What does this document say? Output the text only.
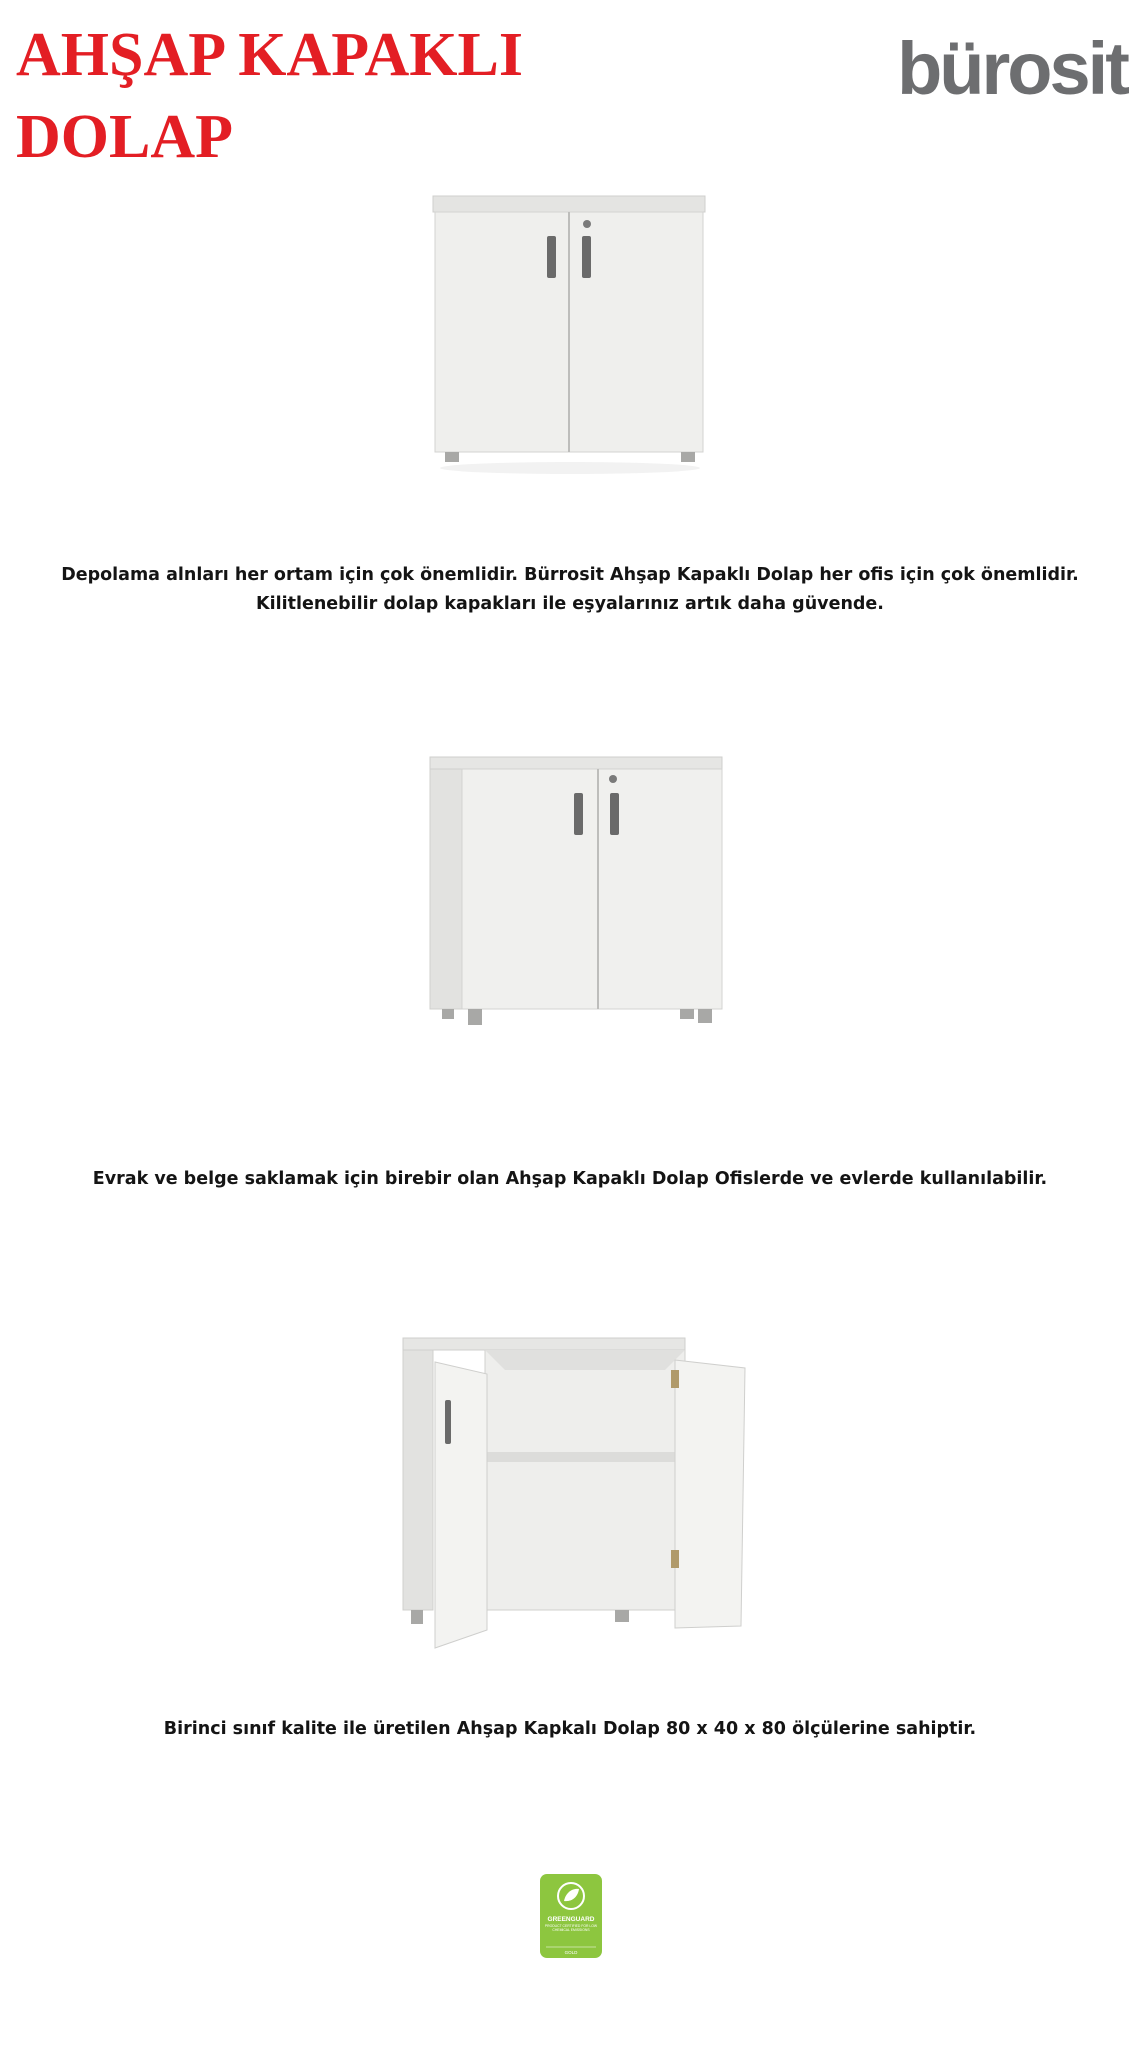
AHŞAP KAPAKLI
DOLAP
bürosit

Depolama alnları her ortam için çok önemlidir. Bürrosit Ahşap Kapaklı Dolap her ofis için çok önemlidir. Kilitlenebilir dolap kapakları ile eşyalarınız artık daha güvende.

Evrak ve belge saklamak için birebir olan Ahşap Kapaklı Dolap Ofislerde ve evlerde kullanılabilir.

Birinci sınıf kalite ile üretilen Ahşap Kapkalı Dolap 80 x 40 x 80 ölçülerine sahiptir.

GREENGUARD
PRODUCT CERTIFIED FOR LOW CHEMICAL EMISSIONS
GOLD
